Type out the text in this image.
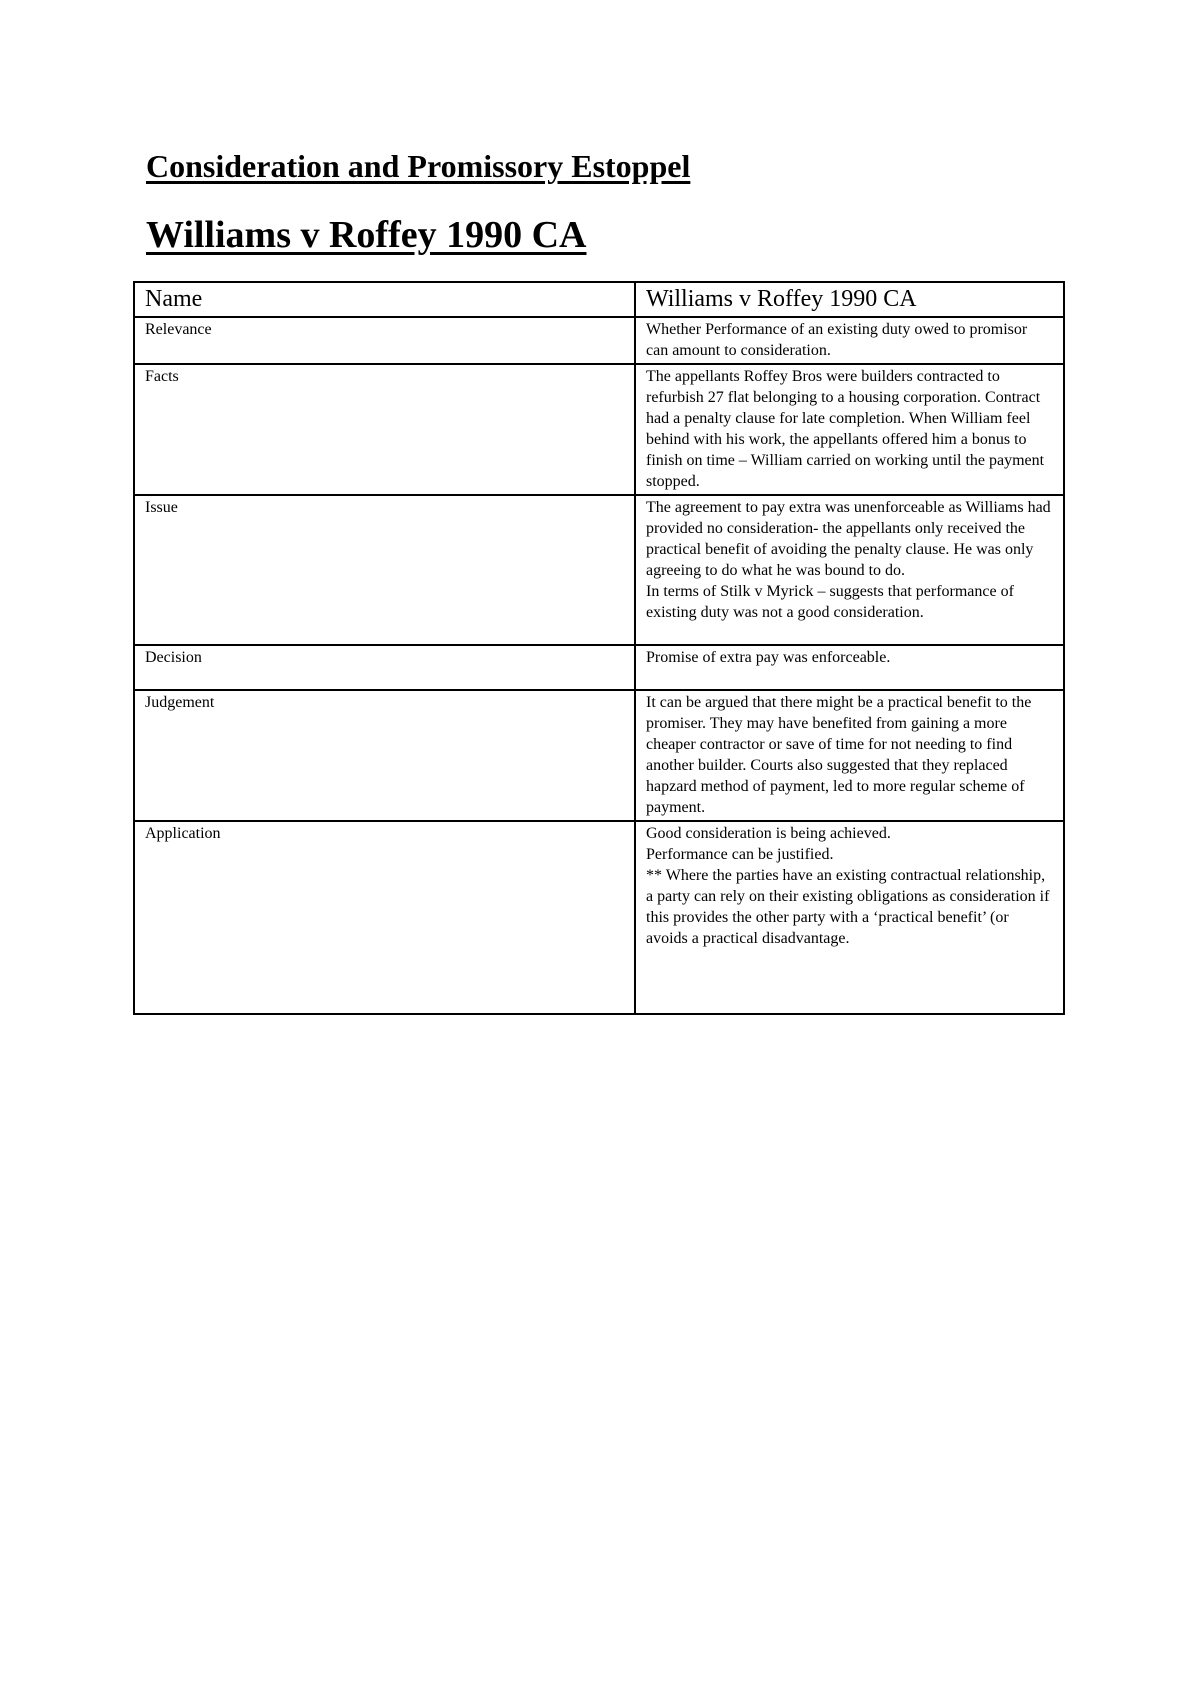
Consideration and Promissory Estoppel
Williams v Roffey 1990 CA
Name	Williams v Roffey 1990 CA
Relevance	Whether Performance of an existing duty owed to promisor can amount to consideration.

Facts	The appellants Roffey Bros were builders contracted to refurbish 27 flat belonging to a housing corporation. Contract had a penalty clause for late completion. When William feel behind with his work, the appellants offered him a bonus to finish on time – William carried on working until the payment stopped.

Issue	The agreement to pay extra was unenforceable as Williams had provided no consideration- the appellants only received the practical benefit of avoiding the penalty clause. He was only agreeing to do what he was bound to do.
In terms of Stilk v Myrick – suggests that performance of existing duty was not a good consideration.

Decision	Promise of extra pay was enforceable.

Judgement	It can be argued that there might be a practical benefit to the promiser. They may have benefited from gaining a more cheaper contractor or save of time for not needing to find another builder. Courts also suggested that they replaced hapzard method of payment, led to more regular scheme of payment.

Application	Good consideration is being achieved.
Performance can be justified.
** Where the parties have an existing contractual relationship, a party can rely on their existing obligations as consideration if this provides the other party with a ‘practical benefit’ (or avoids a practical disadvantage.
